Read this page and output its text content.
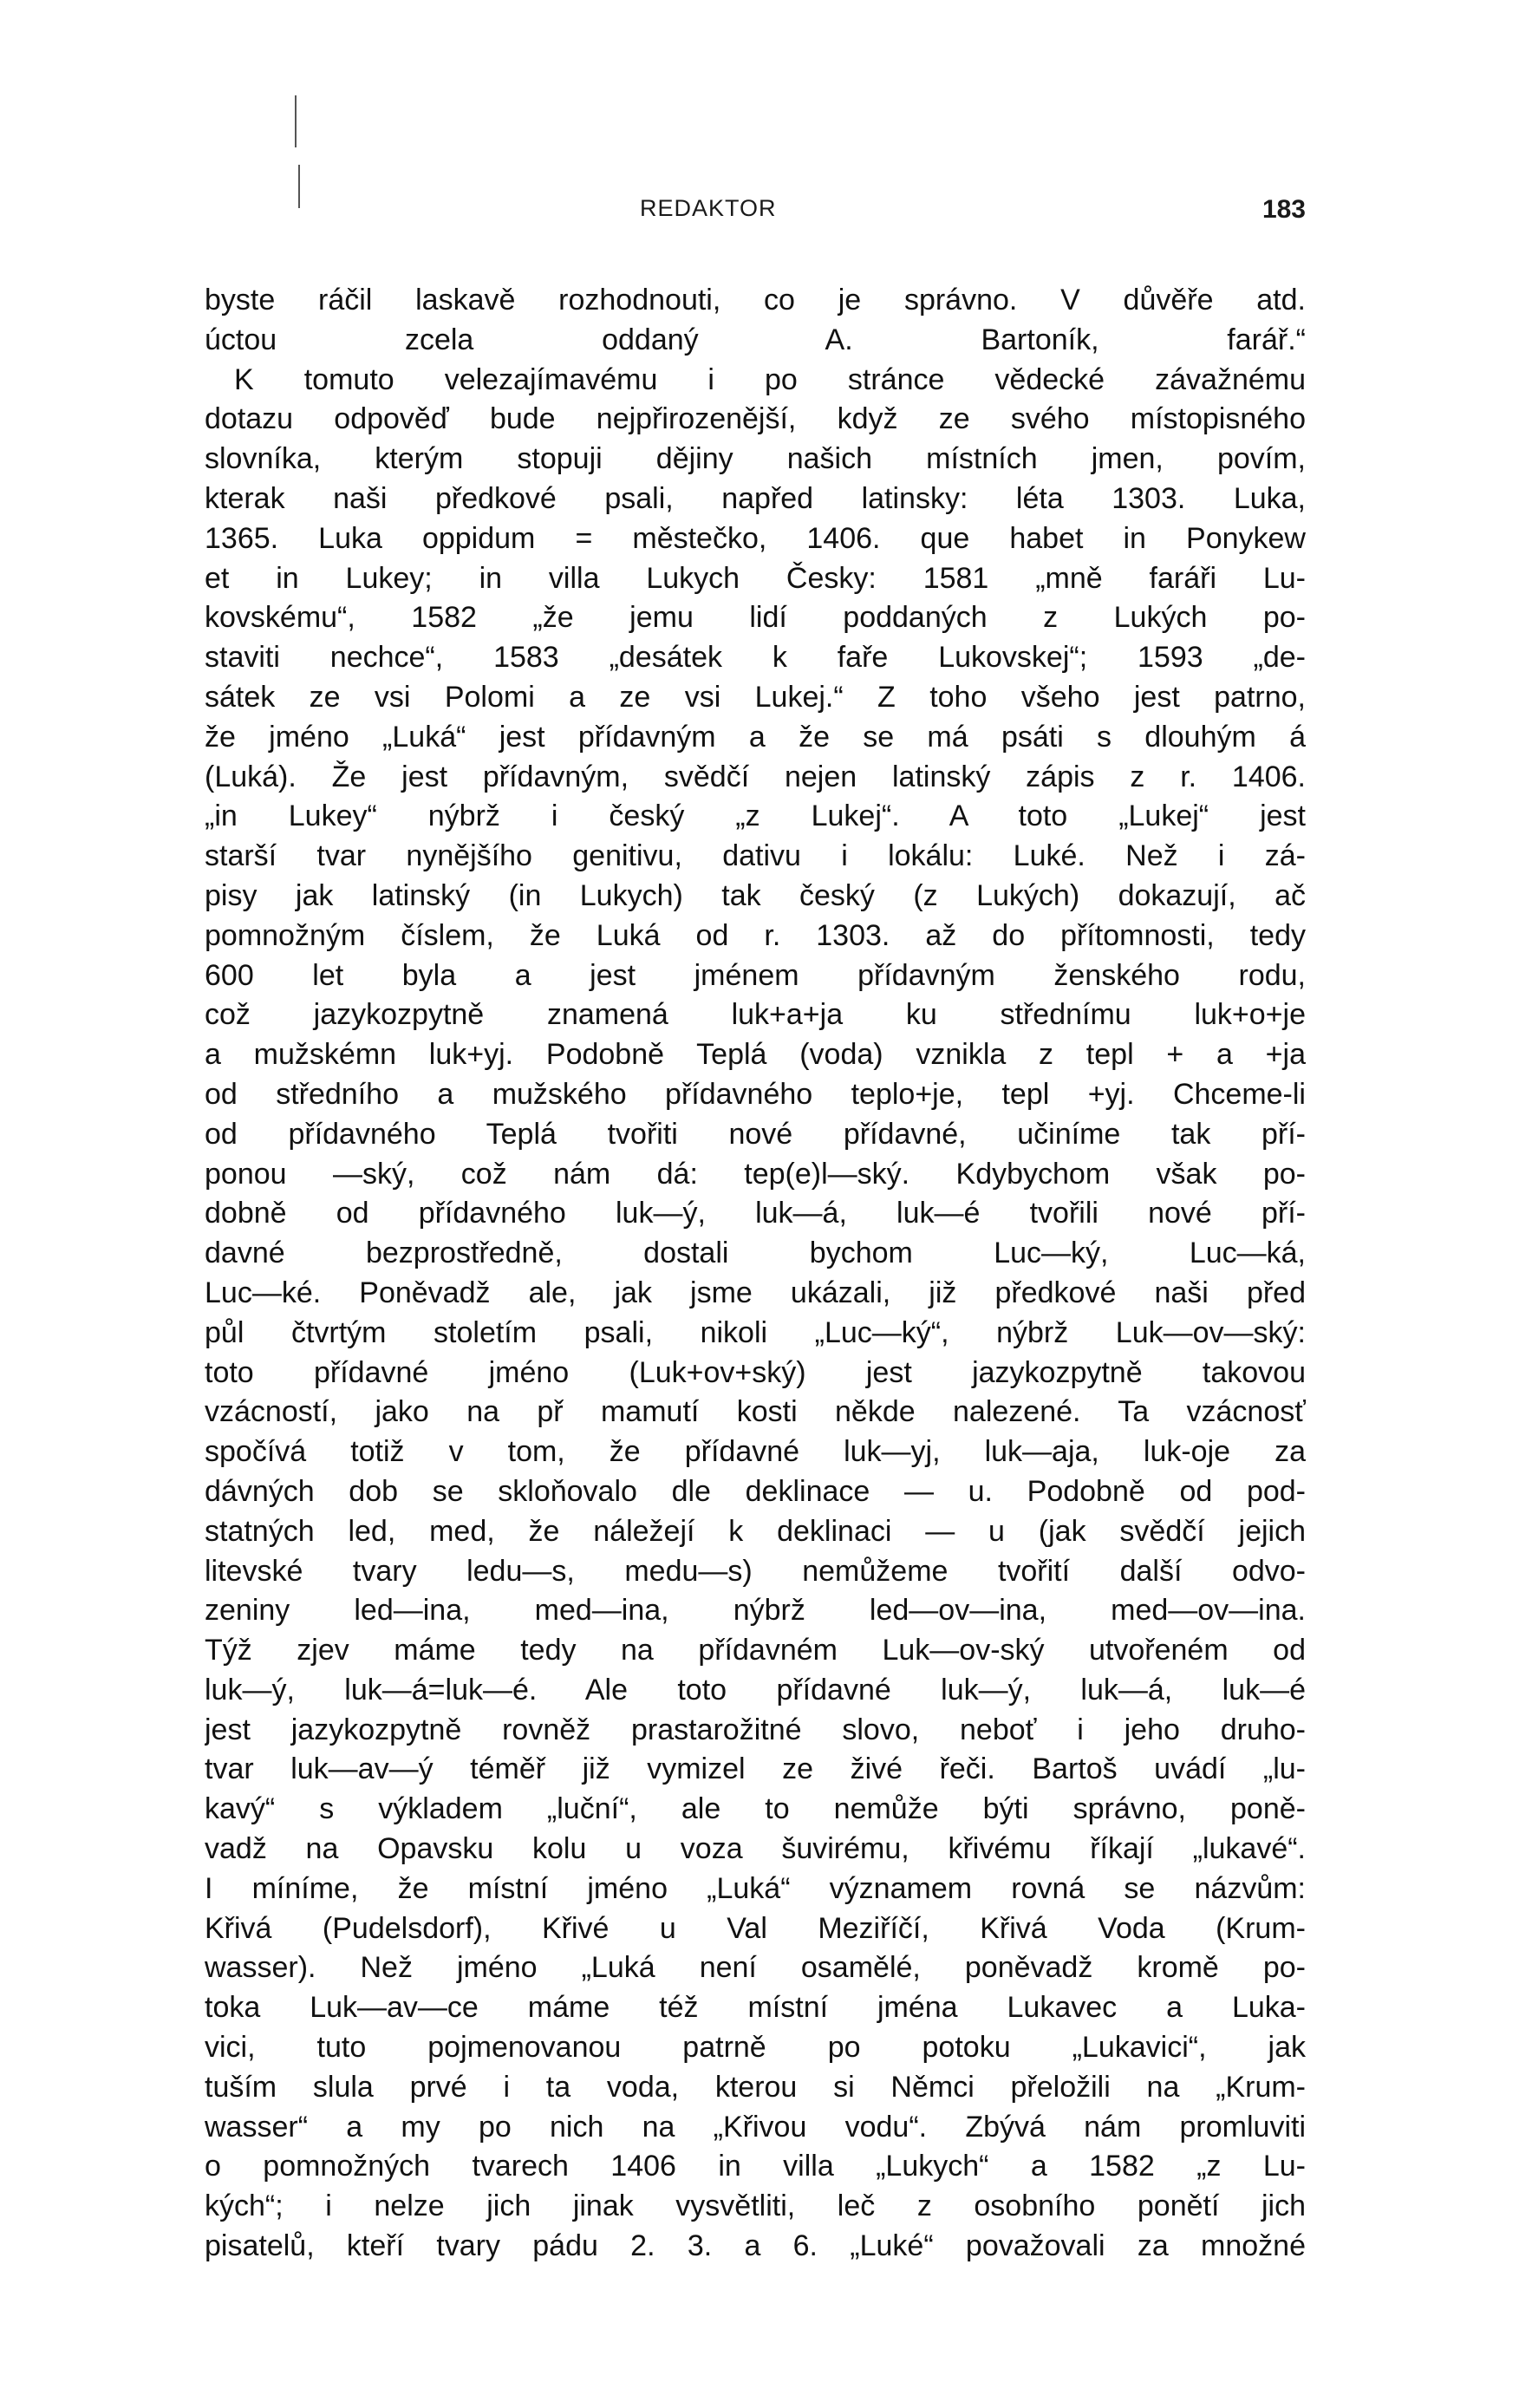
REDAKTOR	183
byste ráčil laskavě rozhodnouti, co je správno. V důvěře atd.
úctou zcela oddaný A. Bartoník, farář.“
K tomuto velezajímavému i po stránce vědecké závažnému
dotazu odpověď bude nejpřirozenější, když ze svého místopisného
slovníka, kterým stopuji dějiny našich místních jmen, povím,
kterak naši předkové psali, napřed latinsky: léta 1303. Luka,
1365. Luka oppidum = městečko, 1406. que habet in Ponykew
et in Lukey; in villa Lukych Česky: 1581 „mně faráři Lu-
kovskému“, 1582 „že jemu lidí poddaných z Lukých po-
staviti nechce“, 1583 „desátek k faře Lukovskej“; 1593 „de-
sátek ze vsi Polomi a ze vsi Lukej.“ Z toho všeho jest patrno,
že jméno „Luká“ jest přídavným a že se má psáti s dlouhým á
(Luká). Že jest přídavným, svědčí nejen latinský zápis z r. 1406.
„in Lukey“ nýbrž i český „z Lukej“. A toto „Lukej“ jest
starší tvar nynějšího genitivu, dativu i lokálu: Luké. Než i zá-
pisy jak latinský (in Lukych) tak český (z Lukých) dokazují, ač
pomnožným číslem, že Luká od r. 1303. až do přítomnosti, tedy
600 let byla a jest jménem přídavným ženského rodu,
což jazykozpytně znamená luk+a+ja ku střednímu luk+o+je
a mužskémn luk+yj. Podobně Teplá (voda) vznikla z tepl + a +ja
od středního a mužského přídavného teplo+je, tepl +yj. Chceme-li
od přídavného Teplá tvořiti nové přídavné, učiníme tak pří-
ponou —ský, což nám dá: tep(e)l—ský. Kdybychom však po-
dobně od přídavného luk—ý, luk—á, luk—é tvořili nové pří-
davné bezprostředně, dostali bychom Luc—ký, Luc—ká,
Luc—ké. Poněvadž ale, jak jsme ukázali, již předkové naši před
půl čtvrtým stoletím psali, nikoli „Luc—ký“, nýbrž Luk—ov—ský:
toto přídavné jméno (Luk+ov+ský) jest jazykozpytně takovou
vzácností, jako na př mamutí kosti někde nalezené. Ta vzácnosť
spočívá totiž v tom, že přídavné luk—yj, luk—aja, luk-oje za
dávných dob se skloňovalo dle deklinace — u. Podobně od pod-
statných led, med, že náležejí k deklinaci — u (jak svědčí jejich
litevské tvary ledu—s, medu—s) nemůžeme tvořití další odvo-
zeniny led—ina, med—ina, nýbrž led—ov—ina, med—ov—ina.
Týž zjev máme tedy na přídavném Luk—ov-ský utvořeném od
luk—ý, luk—á=luk—é. Ale toto přídavné luk—ý, luk—á, luk—é
jest jazykozpytně rovněž prastarožitné slovo, neboť i jeho druho-
tvar luk—av—ý téměř již vymizel ze živé řeči. Bartoš uvádí „lu-
kavý“ s výkladem „luční“, ale to nemůže býti správno, poně-
vadž na Opavsku kolu u voza šuvirému, křivému říkají „lukavé“.
I míníme, že místní jméno „Luká“ významem rovná se názvům:
Křivá (Pudelsdorf), Křivé u Val Meziříčí, Křivá Voda (Krum-
wasser). Než jméno „Luká není osamělé, poněvadž kromě po-
toka Luk—av—ce máme též místní jména Lukavec a Luka-
vici, tuto pojmenovanou patrně po potoku „Lukavici“, jak
tuším slula prvé i ta voda, kterou si Němci přeložili na „Krum-
wasser“ a my po nich na „Křivou vodu“. Zbývá nám promluviti
o pomnožných tvarech 1406 in villa „Lukych“ a 1582 „z Lu-
kých“; i nelze jich jinak vysvětliti, leč z osobního ponětí jich
pisatelů, kteří tvary pádu 2. 3. a 6. „Luké“ považovali za množné
